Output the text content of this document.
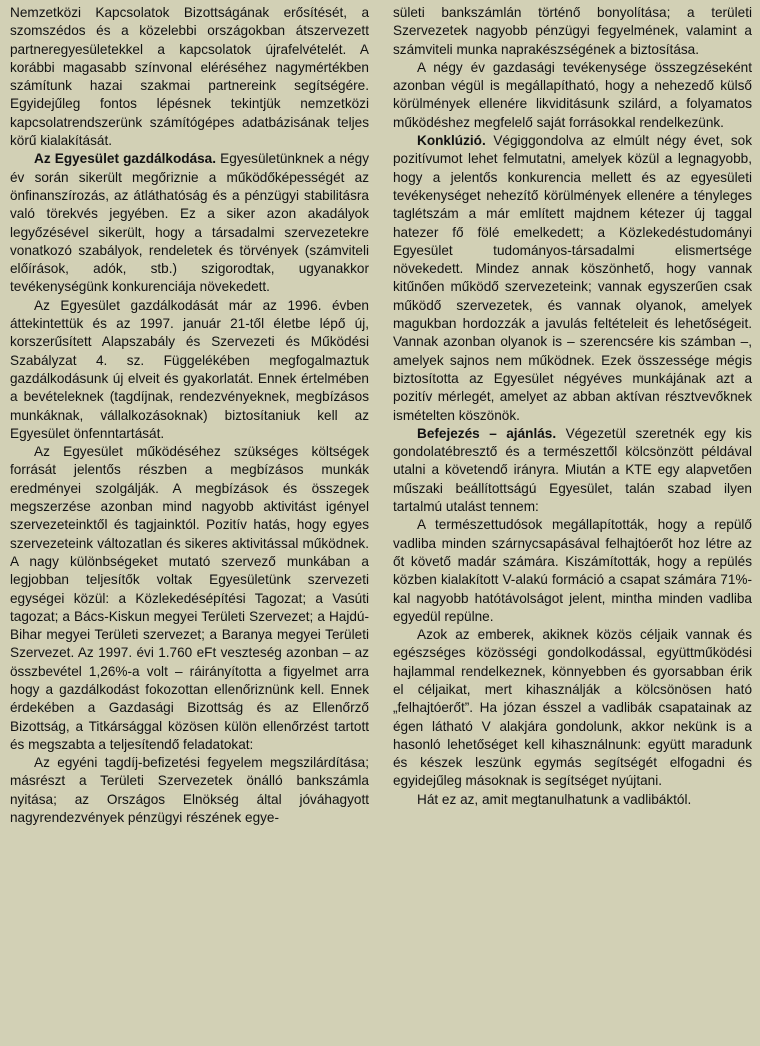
Nemzetközi Kapcsolatok Bizottságának erősítését, a szomszédos és a közelebbi országokban átszervezett partneregyesületekkel a kapcsolatok újrafelvételét. A korábbi magasabb színvonal eléréséhez nagymértékben számítunk hazai szakmai partnereink segítségére. Egyidejűleg fontos lépésnek tekintjük nemzetközi kapcsolatrendszerünk számítógépes adatbázisának teljes körű kialakítását.

Az Egyesület gazdálkodása. Egyesületünknek a négy év során sikerült megőriznie a működőképességét az önfinanszírozás, az átláthatóság és a pénzügyi stabilitásra való törekvés jegyében. Ez a siker azon akadályok legyőzésével sikerült, hogy a társadalmi szervezetekre vonatkozó szabályok, rendeletek és törvények (számviteli előírások, adók, stb.) szigorodtak, ugyanakkor tevékenységünk konkurenciája növekedett.

Az Egyesület gazdálkodását már az 1996. évben áttekintettük és az 1997. január 21-től életbe lépő új, korszerűsített Alapszabály és Szervezeti és Működési Szabályzat 4. sz. Függelékében megfogalmaztuk gazdálkodásunk új elveit és gyakorlatát. Ennek értelmében a bevételeknek (tagdíjnak, rendezvényeknek, megbízásos munkáknak, vállalkozásoknak) biztosítaniuk kell az Egyesület önfenntartását.

Az Egyesület működéséhez szükséges költségek forrását jelentős részben a megbízásos munkák eredményei szolgálják. A megbízások és összegek megszerzése azonban mind nagyobb aktivitást igényel szervezeteinktől és tagjainktól. Pozitív hatás, hogy egyes szervezeteink változatlan és sikeres aktivitással működnek. A nagy különbségeket mutató szervező munkában a legjobban teljesítők voltak Egyesületünk szervezeti egységei közül: a Közlekedésépítési Tagozat; a Vasúti tagozat; a Bács-Kiskun megyei Területi Szervezet; a Hajdú-Bihar megyei Területi szervezet; a Baranya megyei Területi Szervezet. Az 1997. évi 1.760 eFt veszteség azonban – az összbevétel 1,26%-a volt – ráirányította a figyelmet arra hogy a gazdálkodást fokozottan ellenőriznünk kell. Ennek érdekében a Gazdasági Bizottság és az Ellenőrző Bizottság, a Titkársággal közösen külön ellenőrzést tartott és megszabta a teljesítendő feladatokat:

Az egyéni tagdíj-befizetési fegyelem megszilárdítása; másrészt a Területi Szervezetek önálló bankszámla nyitása; az Országos Elnökség által jóváhagyott nagyrendezvények pénzügyi részének egye-

sületi bankszámlán történő bonyolítása; a területi Szervezetek nagyobb pénzügyi fegyelmének, valamint a számviteli munka naprakészségének a biztosítása.

A négy év gazdasági tevékenysége összegzéseként azonban végül is megállapítható, hogy a nehezedő külső körülmények ellenére likviditásunk szilárd, a folyamatos működéshez megfelelő saját forrásokkal rendelkezünk.

Konklúzió. Végiggondolva az elmúlt négy évet, sok pozitívumot lehet felmutatni, amelyek közül a legnagyobb, hogy a jelentős konkurencia mellett és az egyesületi tevékenységet nehezítő körülmények ellenére a tényleges taglétszám a már említett majdnem kétezer új taggal hatezer fő fölé emelkedett; a Közlekedéstudományi Egyesület tudományos-társadalmi elismertsége növekedett. Mindez annak köszönhető, hogy vannak kitűnően működő szervezeteink; vannak egyszerűen csak működő szervezetek, és vannak olyanok, amelyek magukban hordozzák a javulás feltételeit és lehetőségeit. Vannak azonban olyanok is – szerencsére kis számban –, amelyek sajnos nem működnek. Ezek összessége mégis biztosította az Egyesület négyéves munkájának azt a pozitív mérlegét, amelyet az abban aktívan résztvevőknek ismételten köszönök.

Befejezés – ajánlás. Végezetül szeretnék egy kis gondolatébresztő és a természettől kölcsönzött példával utalni a követendő irányra. Miután a KTE egy alapvetően műszaki beállítottságú Egyesület, talán szabad ilyen tartalmú utalást tennem:

A természettudósok megállapították, hogy a repülő vadliba minden szárnycsapásával felhajtóerőt hoz létre az őt követő madár számára. Kiszámították, hogy a repülés közben kialakított V-alakú formáció a csapat számára 71%-kal nagyobb hatótávolságot jelent, mintha minden vadliba egyedül repülne.

Azok az emberek, akiknek közös céljaik vannak és egészséges közösségi gondolkodással, együttműködési hajlammal rendelkeznek, könnyebben és gyorsabban érik el céljaikat, mert kihasználják a kölcsönösen ható „felhajtóerőt”. Ha józan ésszel a vadlibák csapatainak az égen látható V alakjára gondolunk, akkor nekünk is a hasonló lehetőséget kell kihasználnunk: együtt maradunk és készek leszünk egymás segítségét elfogadni és egyidejűleg másoknak is segítséget nyújtani.

Hát ez az, amit megtanulhatunk a vadlibáktól.
